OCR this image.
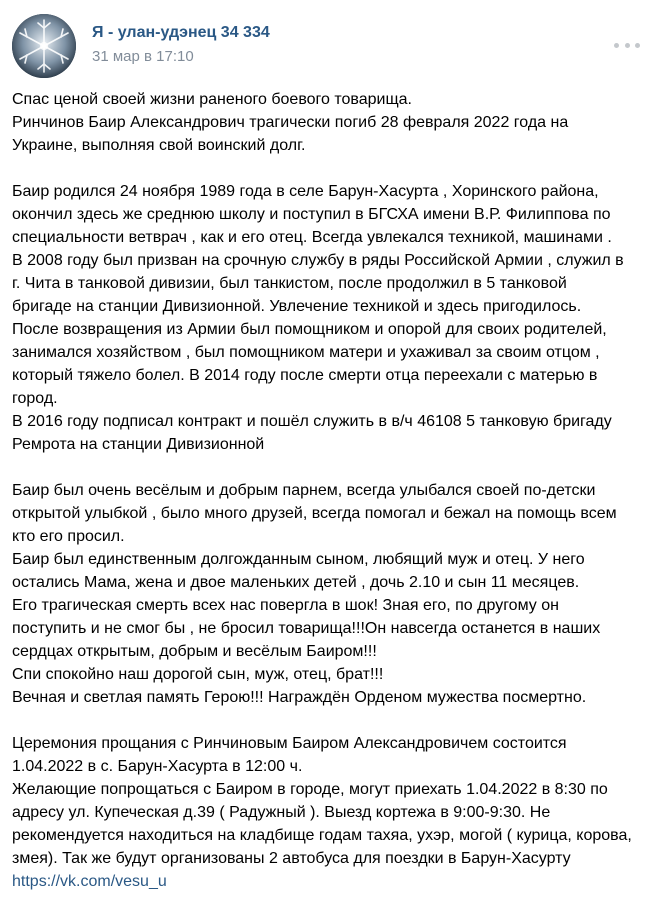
Я - улан-удэнец 34 334
31 мар в 17:10

Спас ценой своей жизни раненого боевого товарища.

Ринчинов Баир Александрович трагически погиб 28 февраля 2022 года на

Украине, выполняя свой воинский долг.

Баир родился 24 ноября 1989 года в селе Барун-Хасурта , Хоринского района,

окончил здесь же среднюю школу и поступил в БГСХА имени В.Р. Филиппова по

специальности ветврач , как и его отец. Всегда увлекался техникой, машинами .

В 2008 году был призван на срочную службу в ряды Российской Армии , служил в

г. Чита в танковой дивизии, был танкистом, после продолжил в 5 танковой

бригаде на станции Дивизионной. Увлечение техникой и здесь пригодилось.

После возвращения из Армии был помощником и опорой для своих родителей,

занимался хозяйством , был помощником матери и ухаживал за своим отцом ,

который тяжело болел. В 2014 году после смерти отца переехали с матерью в

город.

В 2016 году подписал контракт и пошёл служить в в/ч 46108 5 танковую бригаду

Ремрота на станции Дивизионной

Баир был очень весёлым и добрым парнем, всегда улыбался своей по-детски

открытой улыбкой , было много друзей, всегда помогал и бежал на помощь всем

кто его просил.

Баир был единственным долгожданным сыном, любящий муж и отец. У него

остались Мама, жена и двое маленьких детей , дочь 2.10 и сын 11 месяцев.

Его трагическая смерть всех нас повергла в шок! Зная его, по другому он

поступить и не смог бы , не бросил товарища!!!Он навсегда останется в наших

сердцах открытым, добрым и весёлым Баиром!!!

Спи спокойно наш дорогой сын, муж, отец, брат!!!

Вечная и светлая память Герою!!! Награждён Орденом мужества посмертно.

Церемония прощания с Ринчиновым Баиром Александровичем состоится

1.04.2022 в с. Барун-Хасурта в 12:00 ч.

Желающие попрощаться с Баиром в городе, могут приехать 1.04.2022 в 8:30 по

адресу ул. Купеческая д.39 ( Радужный ). Выезд кортежа в 9:00-9:30. Не

рекомендуется находиться на кладбище годам тахяа, ухэр, могой ( курица, корова,

змея). Так же будут организованы 2 автобуса для поездки в Барун-Хасурту

https://vk.com/vesu_u
